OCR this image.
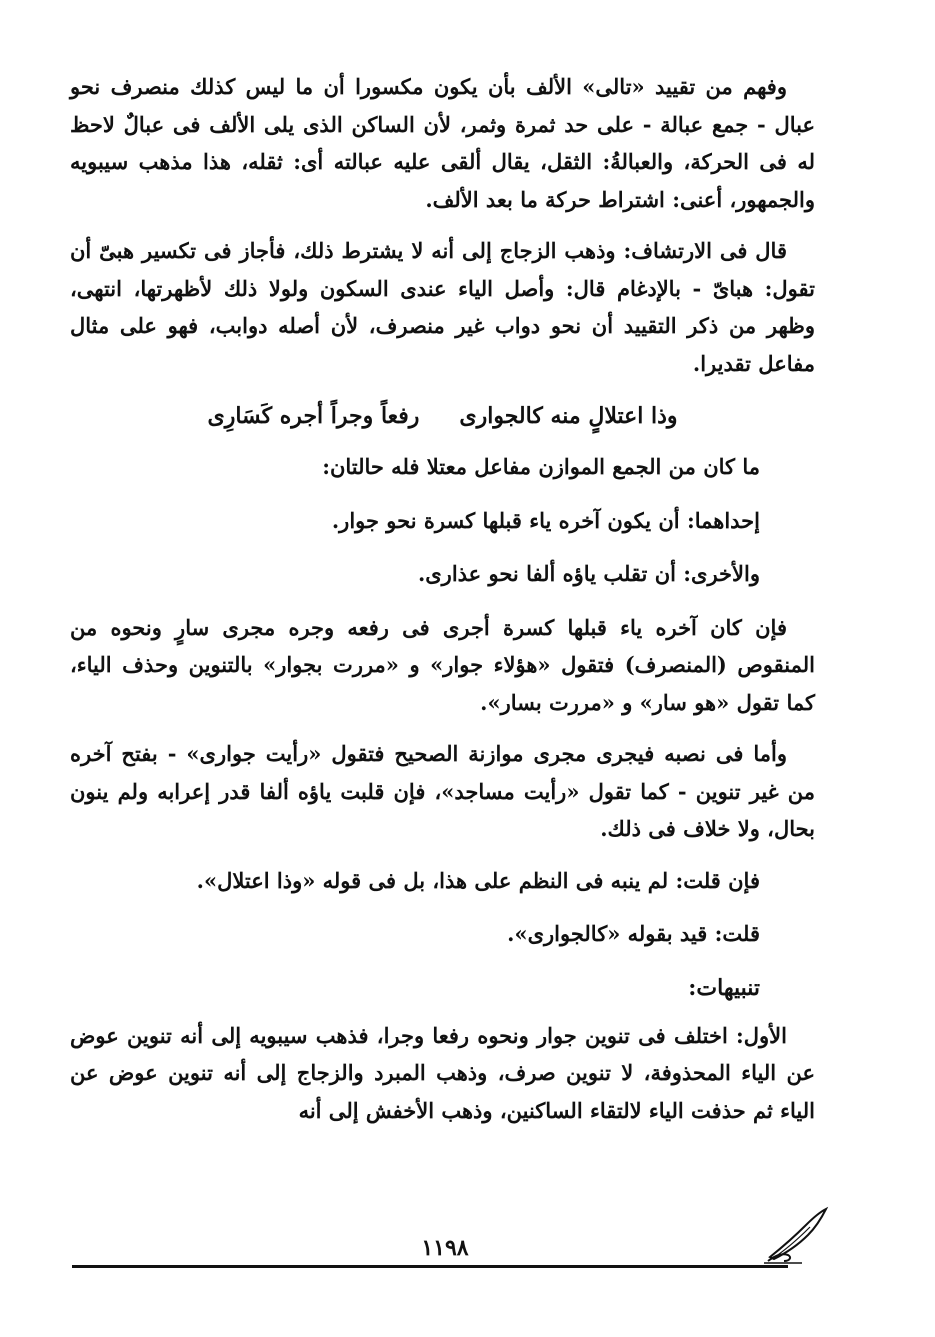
وفهم من تقييد «تالى» الألف بأن يكون مكسورا أن ما ليس كذلك منصرف نحو عبال - جمع عبالة - على حد ثمرة وثمر، لأن الساكن الذى يلى الألف فى عبالٌ لاحظ له فى الحركة، والعبالةُ: الثقل، يقال ألقى عليه عبالته أى: ثقله، هذا مذهب سيبويه والجمهور، أعنى: اشتراط حركة ما بعد الألف.

قال فى الارتشاف: وذهب الزجاج إلى أنه لا يشترط ذلك، فأجاز فى تكسير هبىّ أن تقول: هباىّ - بالإدغام قال: وأصل الياء عندى السكون ولولا ذلك لأظهرتها، انتهى، وظهر من ذكر التقييد أن نحو دواب غير منصرف، لأن أصله دوابب، فهو على مثال مفاعل تقديرا.

وذا اعتلالٍ منه كالجوارى
رفعاً وجراً أجره كَسَارِى
ما كان من الجمع الموازن مفاعل معتلا فله حالتان:
إحداهما: أن يكون آخره ياء قبلها كسرة نحو جوار.
والأخرى: أن تقلب ياؤه ألفا نحو عذارى.

فإن كان آخره ياء قبلها كسرة أجرى فى رفعه وجره مجرى سارٍ ونحوه من المنقوص (المنصرف) فتقول «هؤلاء جوار» و «مررت بجوار» بالتنوين وحذف الياء، كما تقول «هو سار» و «مررت بسار».

وأما فى نصبه فيجرى مجرى موازنة الصحيح فتقول «رأيت جوارى» - بفتح آخره من غير تنوين - كما تقول «رأيت مساجد»، فإن قلبت ياؤه ألفا قدر إعرابه ولم ينون بحال، ولا خلاف فى ذلك.

فإن قلت: لم ينبه فى النظم على هذا، بل فى قوله «وذا اعتلال».
قلت: قيد بقوله «كالجوارى».
تنبيهات:

الأول: اختلف فى تنوين جوار ونحوه رفعا وجرا، فذهب سيبويه إلى أنه تنوين عوض عن الياء المحذوفة، لا تنوين صرف، وذهب المبرد والزجاج إلى أنه تنوين عوض عن الياء ثم حذفت الياء لالتقاء الساكنين، وذهب الأخفش إلى أنه

١١٩٨
